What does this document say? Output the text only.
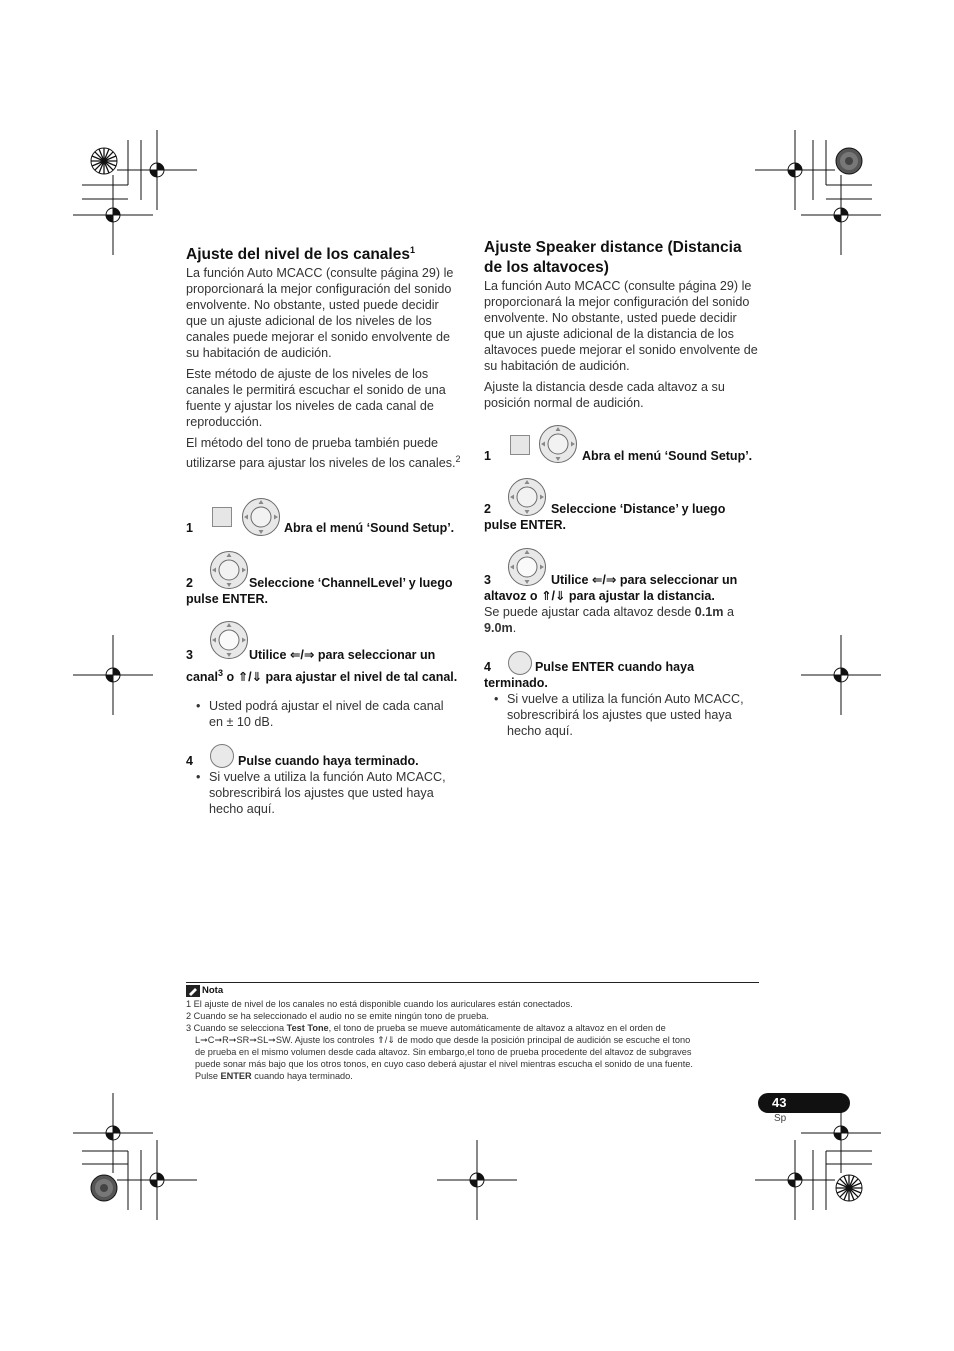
Ajuste del nivel de los canales$^1$

La función Auto MCACC (consulte página 29) le proporcionará la mejor configuración del sonido envolvente. No obstante, usted puede decidir que un ajuste adicional de los niveles de los canales puede mejorar el sonido envolvente de su habitación de audición.

Este método de ajuste de los niveles de los canales le permitirá escuchar el sonido de una fuente y ajustar los niveles de cada canal de reproducción.

El método del tono de prueba también puede utilizarse para ajustar los niveles de los canales.$^2$

1	Abra el menú ‘Sound Setup’.
2	Seleccione ‘ChannelLevel’ y luego pulse ENTER.
3	Utilice ⇐/⇒ para seleccionar un canal$^3$ o ⇑/⇓ para ajustar el nivel de tal canal.
• Usted podrá ajustar el nivel de cada canal en ± 10 dB.
4	Pulse cuando haya terminado.
• Si vuelve a utiliza la función Auto MCACC, sobrescribirá los ajustes que usted haya hecho aquí.
Ajuste Speaker distance (Distancia de los altavoces)

La función Auto MCACC (consulte página 29) le proporcionará la mejor configuración del sonido envolvente. No obstante, usted puede decidir que un ajuste adicional de la distancia de los altavoces puede mejorar el sonido envolvente de su habitación de audición.

Ajuste la distancia desde cada altavoz a su posición normal de audición.

1	Abra el menú ‘Sound Setup’.
2	Seleccione ‘Distance’ y luego pulse ENTER.
3	Utilice ⇐/⇒ para seleccionar un altavoz o ⇑/⇓ para ajustar la distancia.
Se puede ajustar cada altavoz desde 0.1m a 9.0m.
4	Pulse ENTER cuando haya terminado.
• Si vuelve a utiliza la función Auto MCACC, sobrescribirá los ajustes que usted haya hecho aquí.
Nota
1 El ajuste de nivel de los canales no está disponible cuando los auriculares están conectados.
2 Cuando se ha seleccionado el audio no se emite ningún tono de prueba.
3 Cuando se selecciona Test Tone, el tono de prueba se mueve automáticamente de altavoz a altavoz en el orden de
L➞C➞R➞SR➞SL➞SW. Ajuste los controles ⇑/⇓ de modo que desde la posición principal de audición se escuche el tono
de prueba en el mismo volumen desde cada altavoz. Sin embargo,el tono de prueba procedente del altavoz de subgraves
puede sonar más bajo que los otros tonos, en cuyo caso deberá ajustar el nivel mientras escucha el sonido de una fuente.
Pulse ENTER cuando haya terminado.
43
Sp
